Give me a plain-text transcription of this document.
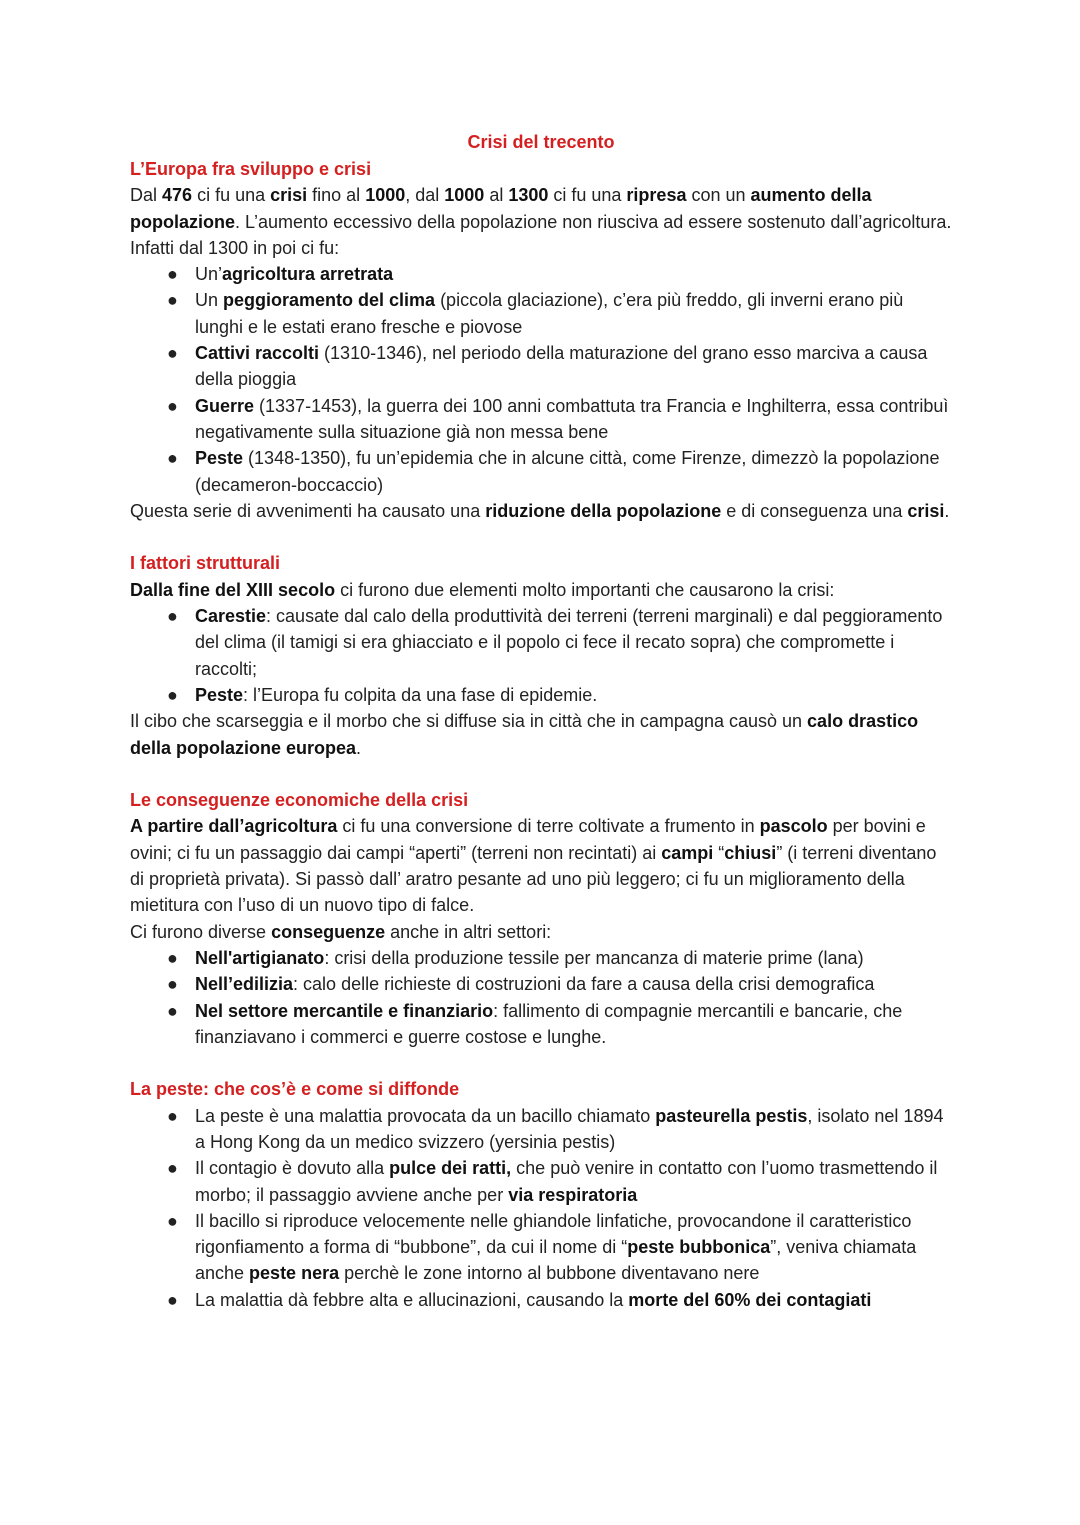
Crisi del trecento

L’Europa fra sviluppo e crisi

Dal 476 ci fu una crisi fino al 1000, dal 1000 al 1300 ci fu una ripresa con un aumento della popolazione. L’aumento eccessivo della popolazione non riusciva ad essere sostenuto dall’agricoltura. Infatti dal 1300 in poi ci fu:

● Un’agricoltura arretrata
● Un peggioramento del clima (piccola glaciazione), c’era più freddo, gli inverni erano più lunghi e le estati erano fresche e piovose
● Cattivi raccolti (1310-1346), nel periodo della maturazione del grano esso marciva a causa della pioggia
● Guerre (1337-1453), la guerra dei 100 anni combattuta tra Francia e Inghilterra, essa contribuì negativamente sulla situazione già non messa bene
● Peste (1348-1350), fu un’epidemia che in alcune città, come Firenze, dimezzò la popolazione (decameron-boccaccio)

Questa serie di avvenimenti ha causato una riduzione della popolazione e di conseguenza una crisi.

I fattori strutturali

Dalla fine del XIII secolo ci furono due elementi molto importanti che causarono la crisi:

● Carestie: causate dal calo della produttività dei terreni (terreni marginali) e dal peggioramento del clima (il tamigi si era ghiacciato e il popolo ci fece il recato sopra) che compromette i raccolti;
● Peste: l’Europa fu colpita da una fase di epidemie.

Il cibo che scarseggia e il morbo che si diffuse sia in città che in campagna causò un calo drastico della popolazione europea.

Le conseguenze economiche della crisi

A partire dall’agricoltura ci fu una conversione di terre coltivate a frumento in pascolo per bovini e ovini; ci fu un passaggio dai campi “aperti” (terreni non recintati) ai campi “chiusi” (i terreni diventano di proprietà privata). Si passò dall’ aratro pesante ad uno più leggero; ci fu un miglioramento della mietitura con l’uso di un nuovo tipo di falce.

Ci furono diverse conseguenze anche in altri settori:

● Nell'artigianato: crisi della produzione tessile per mancanza di materie prime (lana)
● Nell’edilizia: calo delle richieste di costruzioni da fare a causa della crisi demografica
● Nel settore mercantile e finanziario: fallimento di compagnie mercantili e bancarie, che finanziavano i commerci e guerre costose e lunghe.

La peste: che cos’è e come si diffonde

● La peste è una malattia provocata da un bacillo chiamato pasteurella pestis, isolato nel 1894 a Hong Kong da un medico svizzero (yersinia pestis)
● Il contagio è dovuto alla pulce dei ratti, che può venire in contatto con l’uomo trasmettendo il morbo; il passaggio avviene anche per via respiratoria
● Il bacillo si riproduce velocemente nelle ghiandole linfatiche, provocandone il caratteristico rigonfiamento a forma di “bubbone”, da cui il nome di “peste bubbonica”, veniva chiamata anche peste nera perchè le zone intorno al bubbone diventavano nere
● La malattia dà febbre alta e allucinazioni, causando la morte del 60% dei contagiati
